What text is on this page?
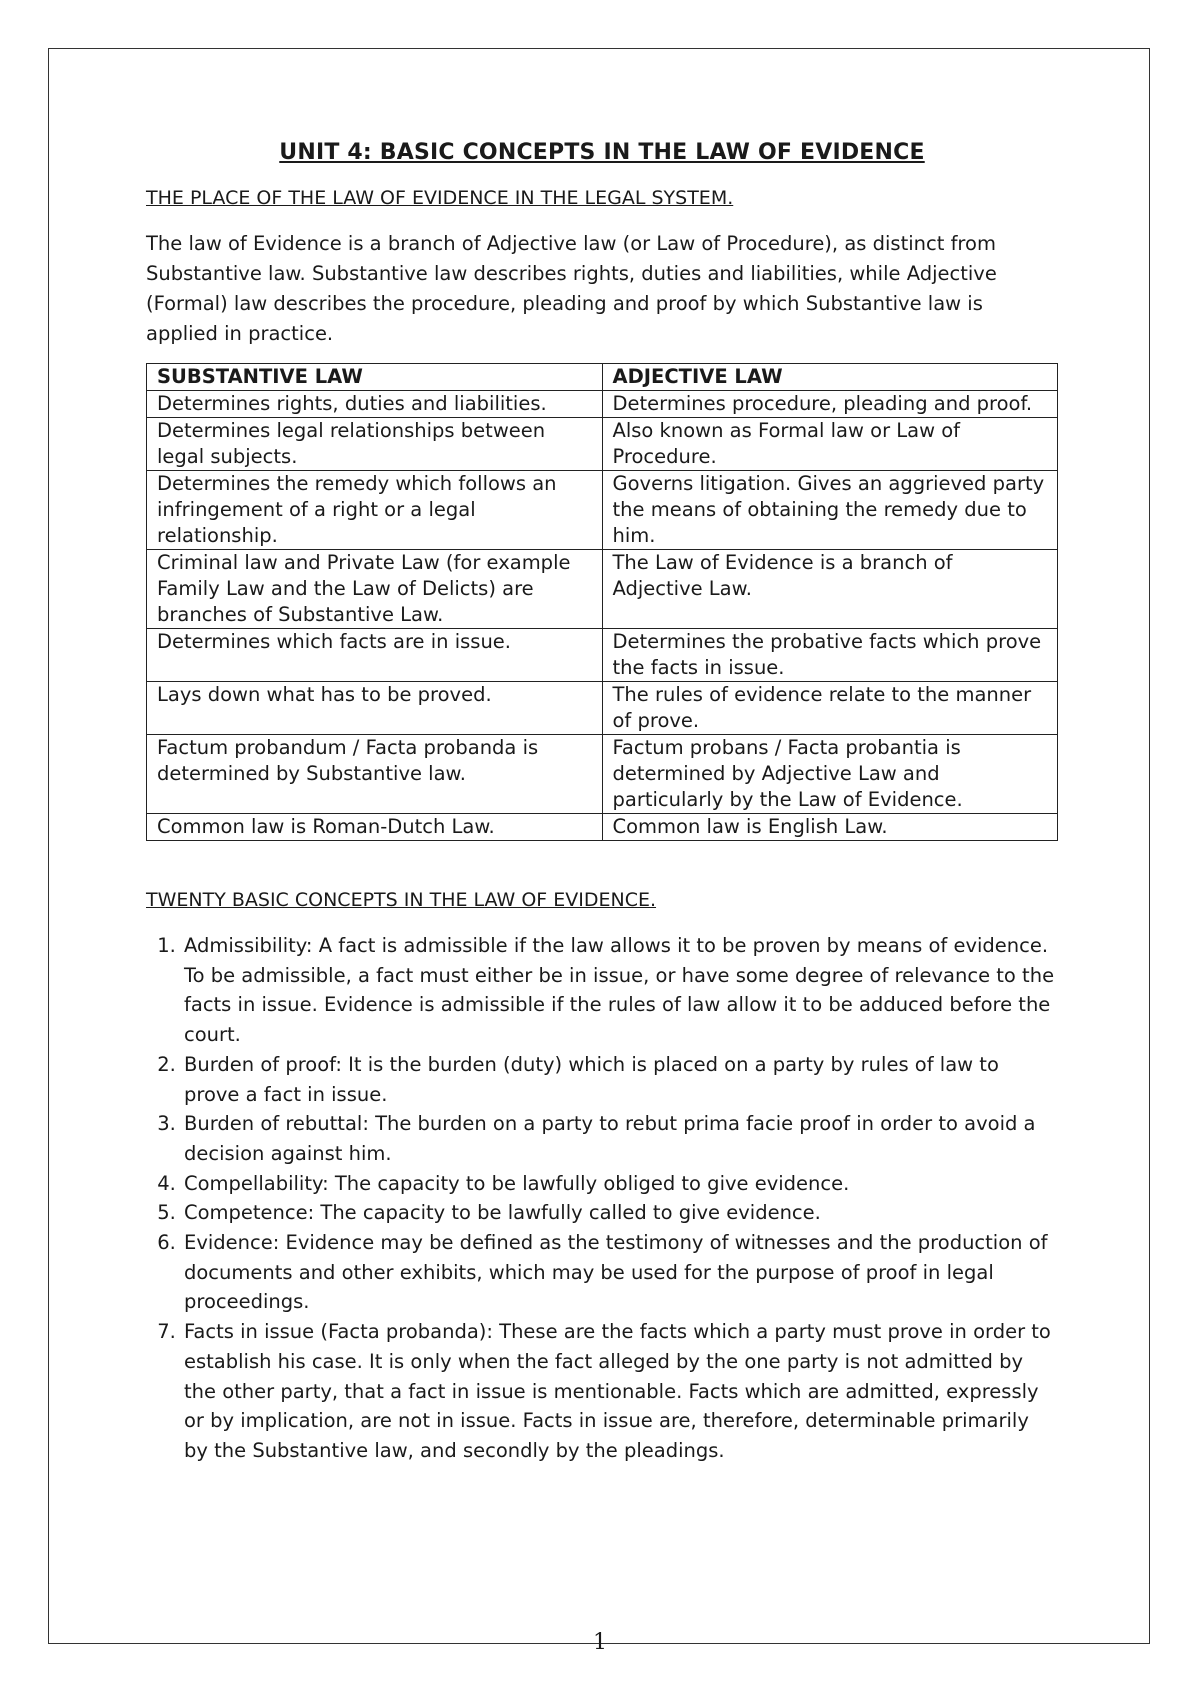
UNIT 4: BASIC CONCEPTS IN THE LAW OF EVIDENCE
THE PLACE OF THE LAW OF EVIDENCE IN THE LEGAL SYSTEM.

The law of Evidence is a branch of Adjective law (or Law of Procedure), as distinct from Substantive law. Substantive law describes rights, duties and liabilities, while Adjective (Formal) law describes the procedure, pleading and proof by which Substantive law is applied in practice.

SUBSTANTIVE LAW	ADJECTIVE LAW
Determines rights, duties and liabilities.	Determines procedure, pleading and proof.
Determines legal relationships between legal subjects.	Also known as Formal law or Law of Procedure.
Determines the remedy which follows an infringement of a right or a legal relationship.	Governs litigation. Gives an aggrieved party the means of obtaining the remedy due to him.
Criminal law and Private Law (for example Family Law and the Law of Delicts) are branches of Substantive Law.	The Law of Evidence is a branch of Adjective Law.
Determines which facts are in issue.	Determines the probative facts which prove the facts in issue.
Lays down what has to be proved.	The rules of evidence relate to the manner of prove.
Factum probandum / Facta probanda is determined by Substantive law.	Factum probans / Facta probantia is determined by Adjective Law and particularly by the Law of Evidence.
Common law is Roman-Dutch Law.	Common law is English Law.
TWENTY BASIC CONCEPTS IN THE LAW OF EVIDENCE.
1. Admissibility: A fact is admissible if the law allows it to be proven by means of evidence. To be admissible, a fact must either be in issue, or have some degree of relevance to the facts in issue. Evidence is admissible if the rules of law allow it to be adduced before the court.
2. Burden of proof: It is the burden (duty) which is placed on a party by rules of law to prove a fact in issue.
3. Burden of rebuttal: The burden on a party to rebut prima facie proof in order to avoid a decision against him.
4. Compellability: The capacity to be lawfully obliged to give evidence.
5. Competence: The capacity to be lawfully called to give evidence.
6. Evidence: Evidence may be defined as the testimony of witnesses and the production of documents and other exhibits, which may be used for the purpose of proof in legal proceedings.
7. Facts in issue (Facta probanda): These are the facts which a party must prove in order to establish his case. It is only when the fact alleged by the one party is not admitted by the other party, that a fact in issue is mentionable. Facts which are admitted, expressly or by implication, are not in issue. Facts in issue are, therefore, determinable primarily by the Substantive law, and secondly by the pleadings.
1
